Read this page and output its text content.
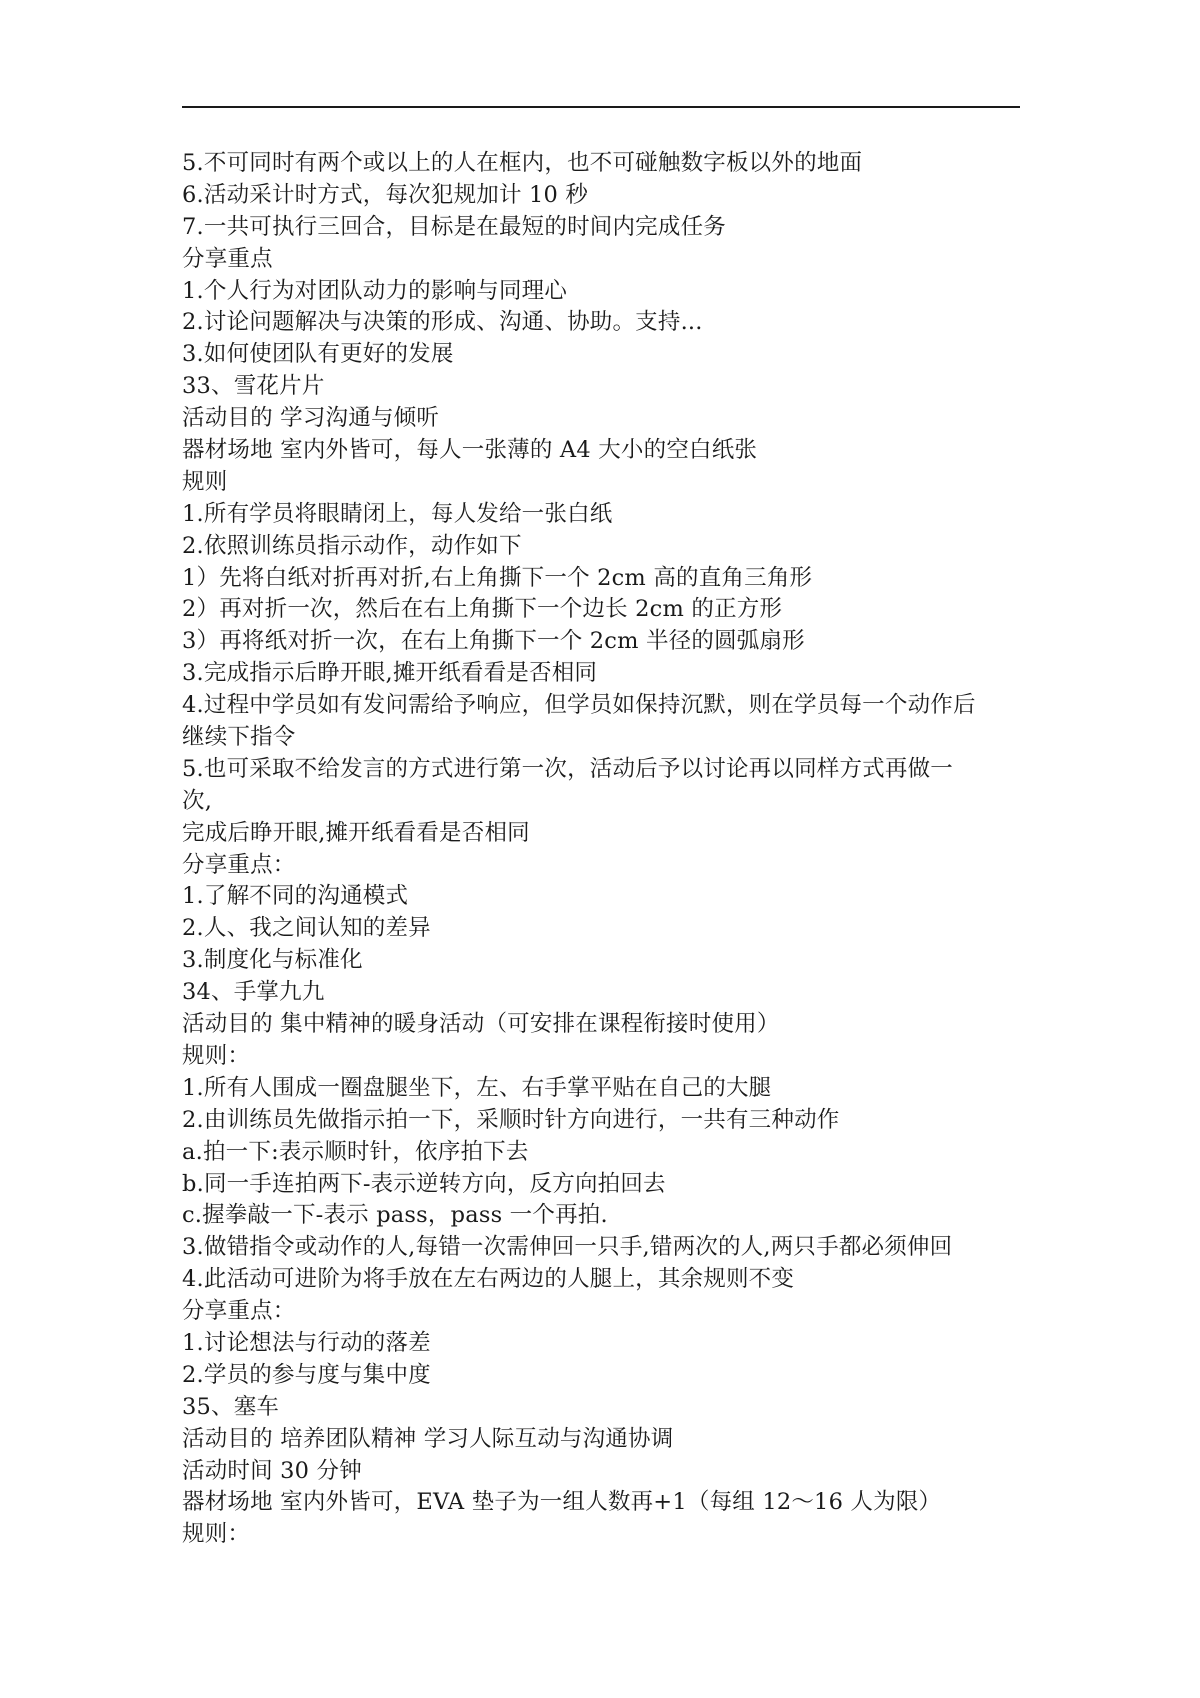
5.不可同时有两个或以上的人在框内，也不可碰触数字板以外的地面
6.活动采计时方式，每次犯规加计 10 秒
7.一共可执行三回合，目标是在最短的时间内完成任务
分享重点
1.个人行为对团队动力的影响与同理心
2.讨论问题解决与决策的形成、沟通、协助。支持...
3.如何使团队有更好的发展
33、雪花片片
活动目的 学习沟通与倾听
器材场地 室内外皆可，每人一张薄的 A4 大小的空白纸张
规则
1.所有学员将眼睛闭上，每人发给一张白纸
2.依照训练员指示动作，动作如下
1）先将白纸对折再对折,右上角撕下一个 2cm 高的直角三角形
2）再对折一次，然后在右上角撕下一个边长 2cm 的正方形
3）再将纸对折一次，在右上角撕下一个 2cm 半径的圆弧扇形
3.完成指示后睁开眼,摊开纸看看是否相同
4.过程中学员如有发问需给予响应，但学员如保持沉默，则在学员每一个动作后
继续下指令
5.也可采取不给发言的方式进行第一次，活动后予以讨论再以同样方式再做一
次,
完成后睁开眼,摊开纸看看是否相同
分享重点：
1.了解不同的沟通模式
2.人、我之间认知的差异
3.制度化与标准化
34、手掌九九
活动目的 集中精神的暖身活动（可安排在课程衔接时使用）
规则：
1.所有人围成一圈盘腿坐下，左、右手掌平贴在自己的大腿
2.由训练员先做指示拍一下，采顺时针方向进行，一共有三种动作
a.拍一下:表示顺时针，依序拍下去
b.同一手连拍两下-表示逆转方向，反方向拍回去
c.握拳敲一下-表示 pass，pass 一个再拍.
3.做错指令或动作的人,每错一次需伸回一只手,错两次的人,两只手都必须伸回
4.此活动可进阶为将手放在左右两边的人腿上，其余规则不变
分享重点：
1.讨论想法与行动的落差
2.学员的参与度与集中度
35、塞车
活动目的 培养团队精神 学习人际互动与沟通协调
活动时间 30 分钟
器材场地 室内外皆可，EVA 垫子为一组人数再+1（每组 12～16 人为限）
规则：
